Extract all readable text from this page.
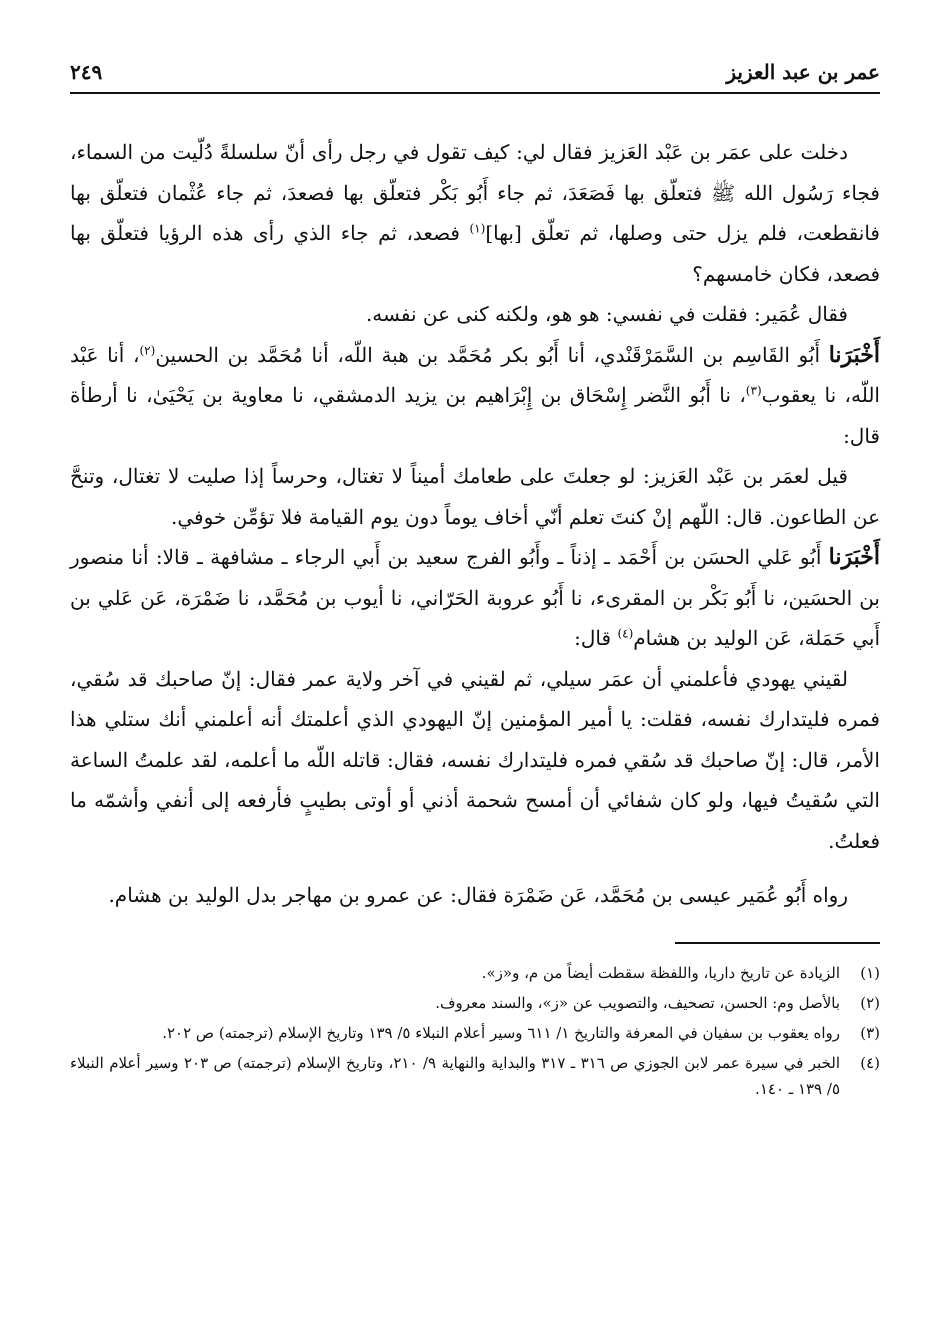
عمر بن عبد العزيز
٢٤٩

دخلت على عمَر بن عَبْد العَزيز فقال لي: كيف تقول في رجل رأى أنّ سلسلةً دُلّيت من السماء، فجاء رَسُول الله ﷺ فتعلّق بها فَصَعَدَ، ثم جاء أَبُو بَكْر فتعلّق بها فصعدَ، ثم جاء عُثْمان فتعلّق بها فانقطعت، فلم يزل حتى وصلها، ثم تعلّق [بها]$^{(١)}$ فصعد، ثم جاء الذي رأى هذه الرؤيا فتعلّق بها فصعد، فكان خامسهم؟

فقال عُمَير: فقلت في نفسي: هو هو، ولكنه كنى عن نفسه.

أَخْبَرَنا أَبُو القَاسِم بن السَّمَرْقَنْدي، أنا أَبُو بكر مُحَمَّد بن هبة اللّه، أنا مُحَمَّد بن الحسين$^{(٢)}$، أنا عَبْد اللّه، نا يعقوب$^{(٣)}$، نا أَبُو النَّضر إِسْحَاق بن إِبْرَاهيم بن يزيد الدمشقي، نا معاوية بن يَحْيَىٰ، نا أرطأة قال:

قيل لعمَر بن عَبْد العَزيز: لو جعلتَ على طعامك أميناً لا تغتال، وحرساً إذا صليت لا تغتال، وتنحَّ عن الطاعون. قال: اللّهم إنْ كنتَ تعلم أنّي أخاف يوماً دون يوم القيامة فلا تؤمِّن خوفي.

أَخْبَرَنا أَبُو عَلي الحسَن بن أَحْمَد ـ إذناً ـ وأَبُو الفرج سعيد بن أَبي الرجاء ـ مشافهة ـ قالا: أنا منصور بن الحسَين، نا أَبُو بَكْر بن المقرىء، نا أَبُو عروبة الحَرّاني، نا أيوب بن مُحَمَّد، نا ضَمْرَة، عَن عَلي بن أَبي حَمَلة، عَن الوليد بن هشام$^{(٤)}$ قال:

لقيني يهودي فأعلمني أن عمَر سيلي، ثم لقيني في آخر ولاية عمر فقال: إنّ صاحبك قد سُقي، فمره فليتدارك نفسه، فقلت: يا أمير المؤمنين إنّ اليهودي الذي أعلمتك أنه أعلمني أنك ستلي هذا الأمر، قال: إنّ صاحبك قد سُقي فمره فليتدارك نفسه، فقال: قاتله اللّه ما أعلمه، لقد علمتُ الساعة التي سُقيتُ فيها، ولو كان شفائي أن أمسح شحمة أذني أو أوتى بطيبٍ فأرفعه إلى أنفي وأشمّه ما فعلتُ.

رواه أَبُو عُمَير عيسى بن مُحَمَّد، عَن ضَمْرَة فقال: عن عمرو بن مهاجر بدل الوليد بن هشام.

(١)
الزيادة عن تاريخ داريا، واللفظة سقطت أيضاً من م، و«ز».
(٢)
بالأصل وم: الحسن، تصحيف، والتصويب عن «ز»، والسند معروف.
(٣)
رواه يعقوب بن سفيان في المعرفة والتاريخ ١/ ٦١١ وسير أعلام النبلاء ٥/ ١٣٩ وتاريخ الإسلام (ترجمته) ص ٢٠٢.
(٤)
الخبر في سيرة عمر لابن الجوزي ص ٣١٦ ـ ٣١٧ والبداية والنهاية ٩/ ٢١٠، وتاريخ الإسلام (ترجمته) ص ٢٠٣ وسير أعلام النبلاء ٥/ ١٣٩ ـ ١٤٠.
